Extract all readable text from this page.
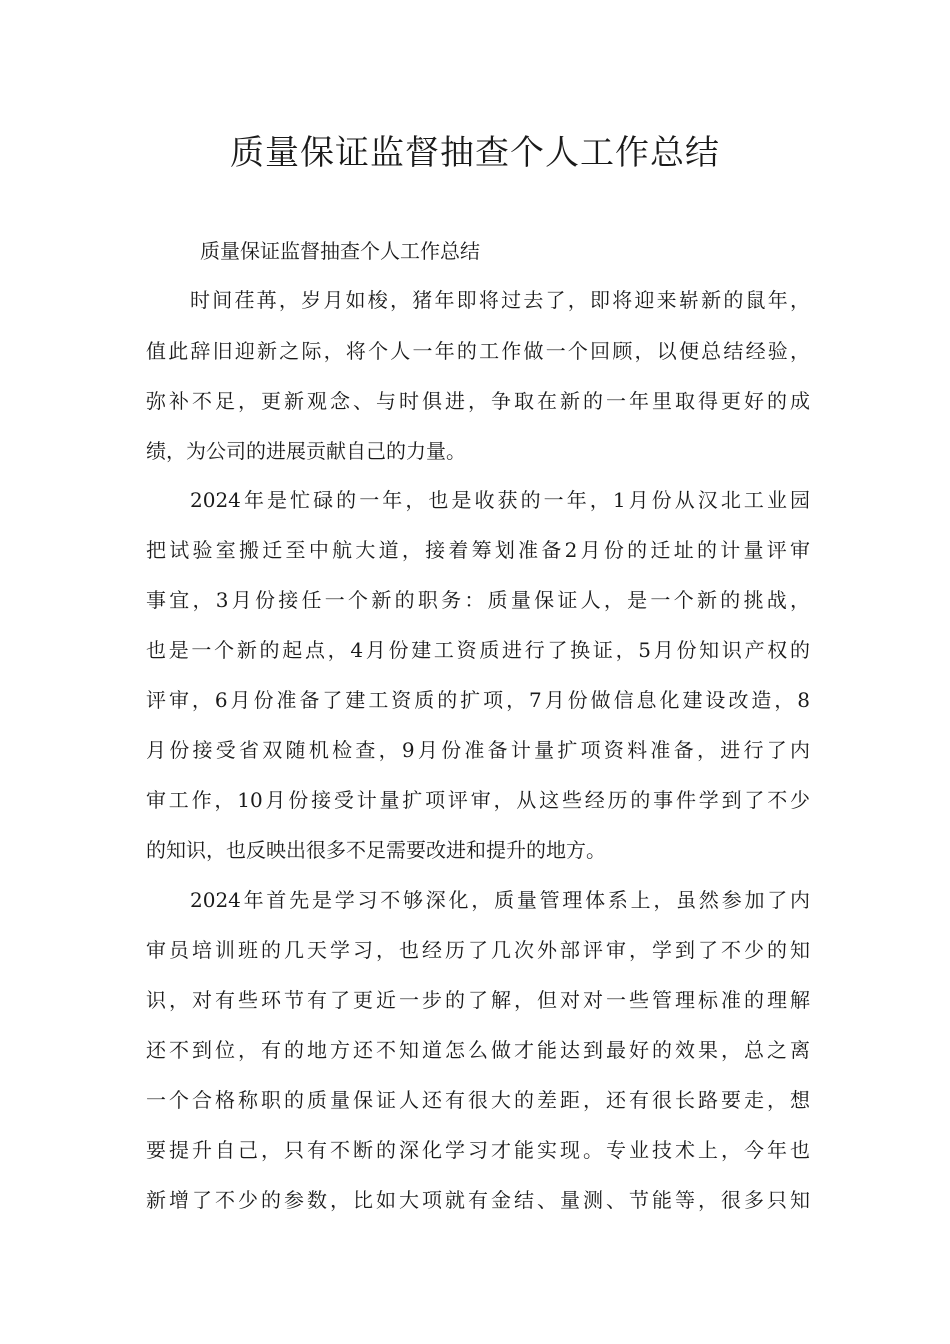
质量保证监督抽查个人工作总结

质量保证监督抽查个人工作总结

时间荏苒，岁月如梭，猪年即将过去了，即将迎来崭新的鼠年，

值此辞旧迎新之际，将个人一年的工作做一个回顾，以便总结经验，

弥补不足，更新观念、与时俱进，争取在新的一年里取得更好的成

绩，为公司的进展贡献自己的力量。

2024年是忙碌的一年，也是收获的一年，1月份从汉北工业园

把试验室搬迁至中航大道，接着筹划准备2月份的迁址的计量评审

事宜，3月份接任一个新的职务：质量保证人，是一个新的挑战，

也是一个新的起点，4月份建工资质进行了换证，5月份知识产权的

评审，6月份准备了建工资质的扩项，7月份做信息化建设改造，8

月份接受省双随机检查，9月份准备计量扩项资料准备，进行了内

审工作，10月份接受计量扩项评审，从这些经历的事件学到了不少

的知识，也反映出很多不足需要改进和提升的地方。

2024年首先是学习不够深化，质量管理体系上，虽然参加了内

审员培训班的几天学习，也经历了几次外部评审，学到了不少的知

识，对有些环节有了更近一步的了解，但对对一些管理标准的理解

还不到位，有的地方还不知道怎么做才能达到最好的效果，总之离

一个合格称职的质量保证人还有很大的差距，还有很长路要走，想

要提升自己，只有不断的深化学习才能实现。专业技术上，今年也

新增了不少的参数，比如大项就有金结、量测、节能等，很多只知
